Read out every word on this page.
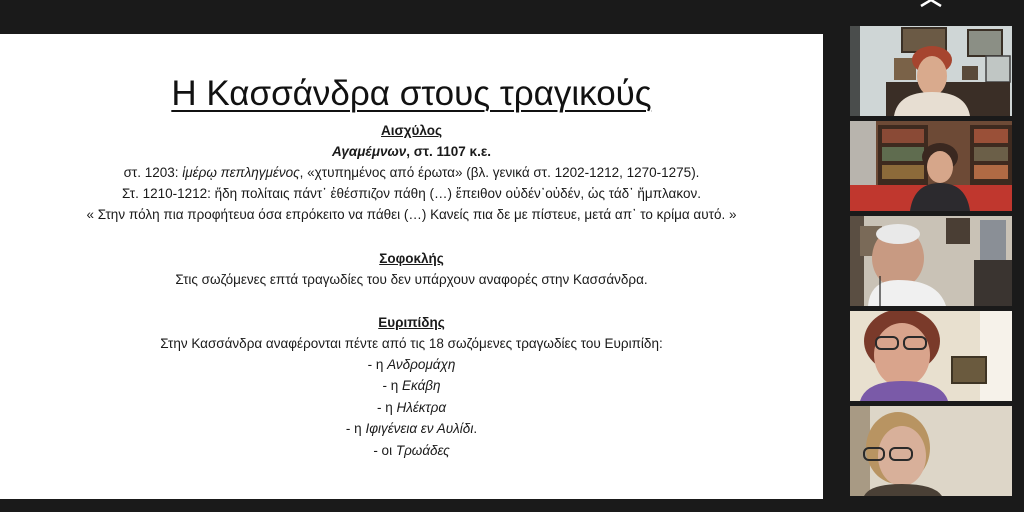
Η Κασσάνδρα στους τραγικούς
Αισχύλος
Αγαμέμνων, στ. 1107 κ.ε.
στ. 1203: ἱμέρῳ πεπληγμένος, «χτυπημένος από έρωτα» (βλ. γενικά στ. 1202-1212, 1270-1275).
Στ. 1210-1212: ἤδη πολίταις πάντ᾽ ἐθέσπιζον πάθη (…) ἔπειθον οὐδέν᾽οὐδέν, ὡς τάδ᾽ ἤμπλακον.
« Στην πόλη πια προφήτευα όσα επρόκειτο να πάθει (…) Κανείς πια δε με πίστευε, μετά απ᾽ το κρίμα αυτό. »
Σοφοκλής
Στις σωζόμενες επτά τραγωδίες του δεν υπάρχουν αναφορές στην Κασσάνδρα.
Ευριπίδης
Στην Κασσάνδρα αναφέρονται πέντε από τις 18 σωζόμενες τραγωδίες του Ευριπίδη:
- η Ανδρομάχη
- η Εκάβη
- η Ηλέκτρα
- η Ιφιγένεια εν Αυλίδι.
- οι Τρωάδες
